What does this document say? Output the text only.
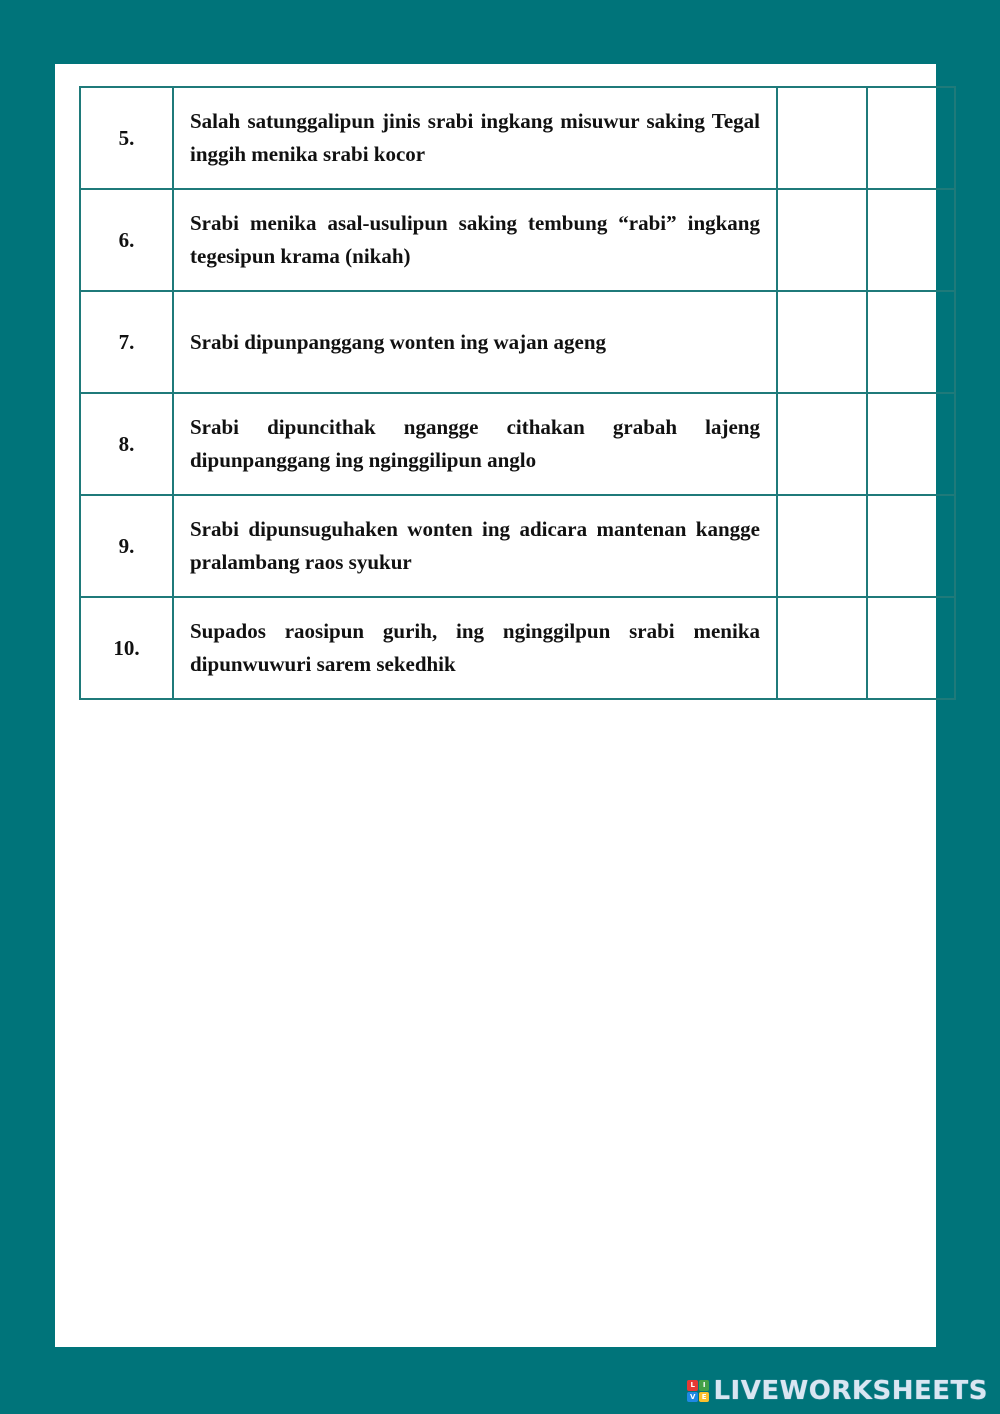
5.	Salah satunggalipun jinis srabi ingkang misuwur saking Tegal inggih menika srabi kocor		
6.	Srabi menika asal-usulipun saking tembung “rabi” ingkang tegesipun krama (nikah)		
7.	Srabi dipunpanggang wonten ing wajan ageng		
8.	Srabi dipuncithak ngangge cithakan grabah lajeng dipunpanggang ing nginggilipun anglo		
9.	Srabi dipunsuguhaken wonten ing adicara mantenan kangge pralambang raos syukur		
10.	Supados raosipun gurih, ing nginggilpun srabi menika dipunwuwuri sarem sekedhik		
L	I
V E LIVEWORKSHEETS
